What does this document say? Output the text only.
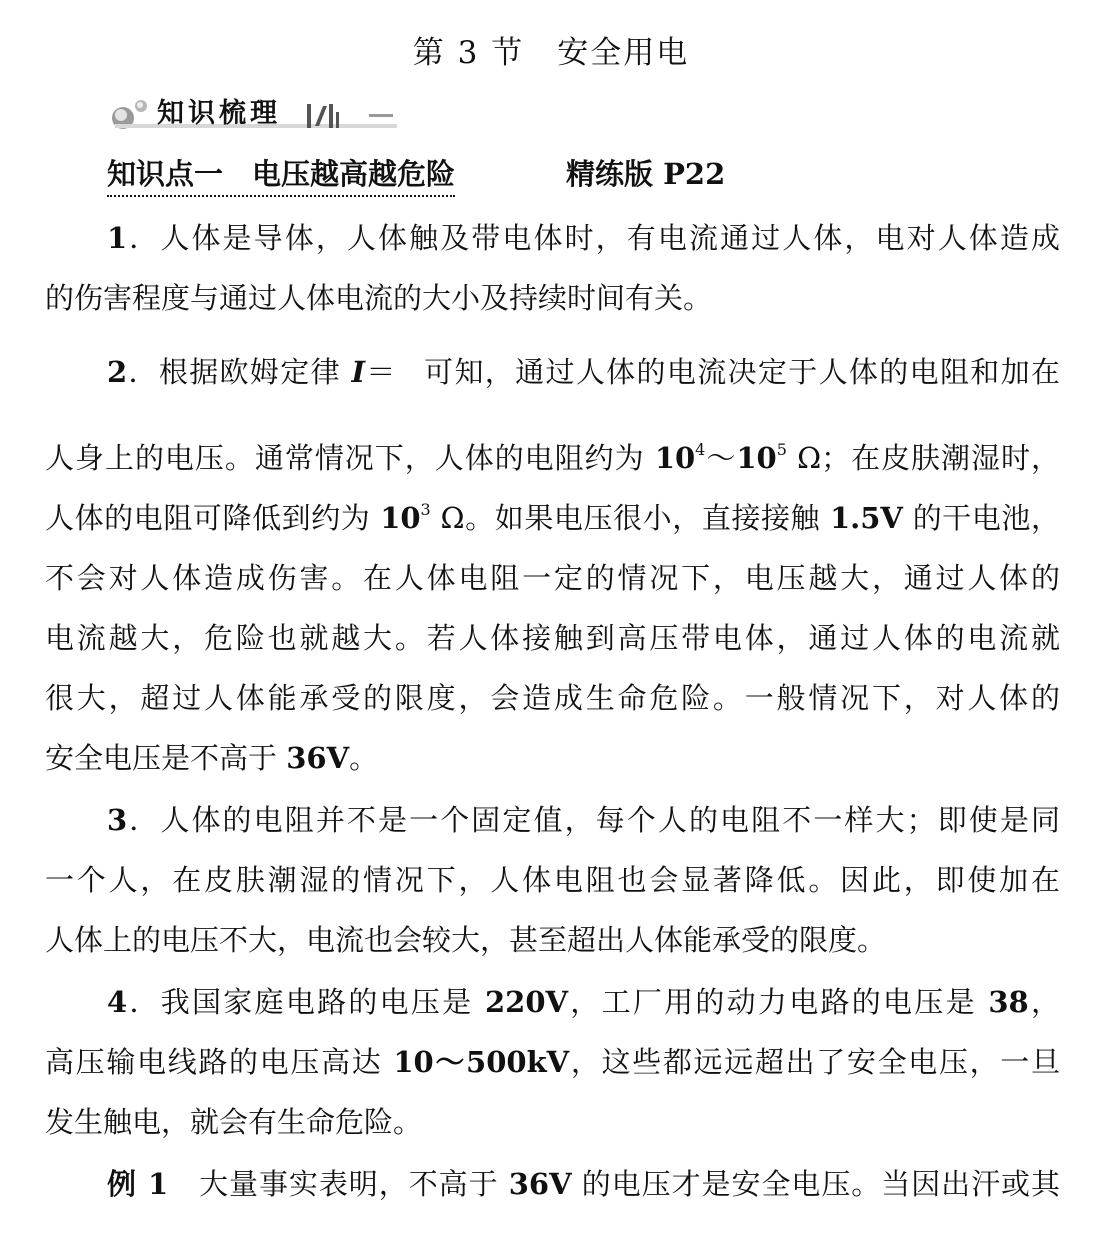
第 3 节　安全用电
知识梳理
知识点一　电压越高越危险	精练版 P22
1．人体是导体，人体触及带电体时，有电流通过人体，电对人体造成
的伤害程度与通过人体电流的大小及持续时间有关。
2．根据欧姆定律 I＝ 可知，通过人体的电流决定于人体的电阻和加在
人身上的电压。通常情况下，人体的电阻约为 $10^4\sim 10^5$ Ω；在皮肤潮湿时，
人体的电阻可降低到约为 $10^3$ Ω。如果电压很小，直接接触 1.5V 的干电池，
不会对人体造成伤害。在人体电阻一定的情况下，电压越大，通过人体的
电流越大，危险也就越大。若人体接触到高压带电体，通过人体的电流就
很大，超过人体能承受的限度，会造成生命危险。一般情况下，对人体的
安全电压是不高于 36V。
3．人体的电阻并不是一个固定值，每个人的电阻不一样大；即使是同
一个人，在皮肤潮湿的情况下，人体电阻也会显著降低。因此，即使加在
人体上的电压不大，电流也会较大，甚至超出人体能承受的限度。
4．我国家庭电路的电压是 220V，工厂用的动力电路的电压是 38，
高压输电线路的电压高达 10～500kV，这些都远远超出了安全电压，一旦
发生触电，就会有生命危险。
例 1　大量事实表明，不高于 36V 的电压才是安全电压。当因出汗或其
